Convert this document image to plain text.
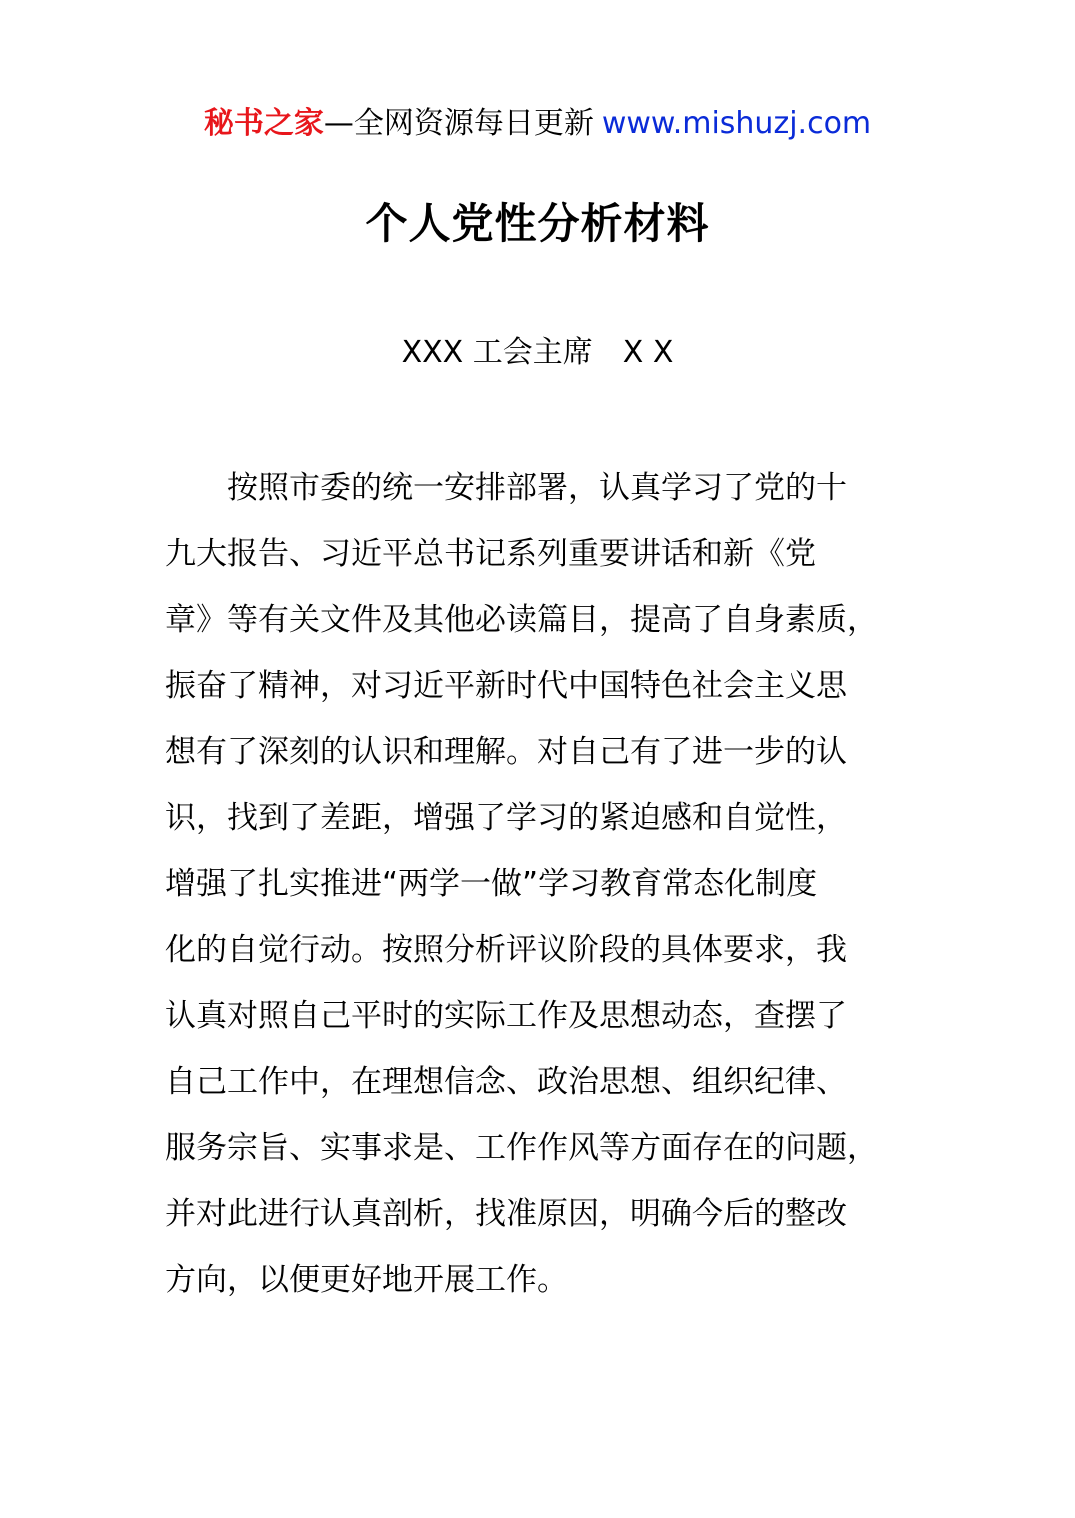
秘书之家—全网资源每日更新 www.mishuzj.com
个人党性分析材料
XXX 工会主席　X X
　　按照市委的统一安排部署，认真学习了党的十
九大报告、习近平总书记系列重要讲话和新《党
章》等有关文件及其他必读篇目，提高了自身素质，
振奋了精神，对习近平新时代中国特色社会主义思
想有了深刻的认识和理解。对自己有了进一步的认
识，找到了差距，增强了学习的紧迫感和自觉性，
增强了扎实推进“两学一做”学习教育常态化制度
化的自觉行动。按照分析评议阶段的具体要求，我
认真对照自己平时的实际工作及思想动态，查摆了
自己工作中，在理想信念、政治思想、组织纪律、
服务宗旨、实事求是、工作作风等方面存在的问题，
并对此进行认真剖析，找准原因，明确今后的整改
方向，以便更好地开展工作。
